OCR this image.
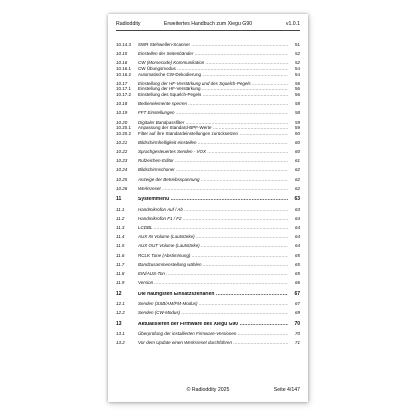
Radioddity	Erweitertes Handbuch zum Xiegu G90	v1.0.1
10.14.3	SWR Stehwellen-Scanner .....	51
10.15	Einstellen der Seitenbänder .....	52
10.16	CW (Morsecode) Kommunikation .....	52
10.16.1	CW Übungsmodus .....	54
10.16.2	Automatische CW-Dekodierung .....	54
10.17	Einstellung der HF-Verstärkung und des Squelch-Pegels .....	56
10.17.1	Einstellung der HF-Verstärkung .....	56
10.17.2	Einstellung des Squelch-Pegels .....	56
10.18	Bedienelemente sperren .....	58
10.19	FFT Einstellungen .....	58
10.20	Digitaler Bandpassfilter .....	59
10.20.1	Anpassung der Standard-BPF-Werte .....	59
10.20.2	Filter auf ihre Standardeinstellungen zurücksetzen .....	60
10.21	Bildschirmhelligkeit einstellen .....	60
10.22	Sprachgesteuertes Senden - VOX .....	60
10.23	Rufzeichen-Editor .....	61
10.24	Bildschirmschoner .....	62
10.25	Anzeige der Betriebsspannung .....	62
10.26	Werksreset .....	62
11	Systemmenü .....	63
11.1	Handmikrofon Auf / Ab .....	63
11.2	Handmikrofon F1 / F2 .....	64
11.3	LCDBL .....	64
11.4	AUX IN Volume (Lautstärke) .....	64
11.5	AUX OUT Volume (Lautstärke) .....	64
11.6	RCLK Tune (Abstimmung) .....	65
11.7	Bandzusammenstellung wählen .....	65
11.8	EIN/AUS-Ton .....	65
11.9	Version .....	66
12	Die häufigsten Einsatzszenarien .....	67
12.1	Senden (SSB/AM/FM-Modus) .....	67
12.2	Senden (CW-Modus) .....	69
13	Aktualisieren der Firmware des Xiegu G90 .....	70
13.1	Überprüfung der installierten Firmware-Versionen .....	70
13.2	Vor dem Update einen Werksreset durchführen .....	71
© Radioddity 2025	Seite 4/147
